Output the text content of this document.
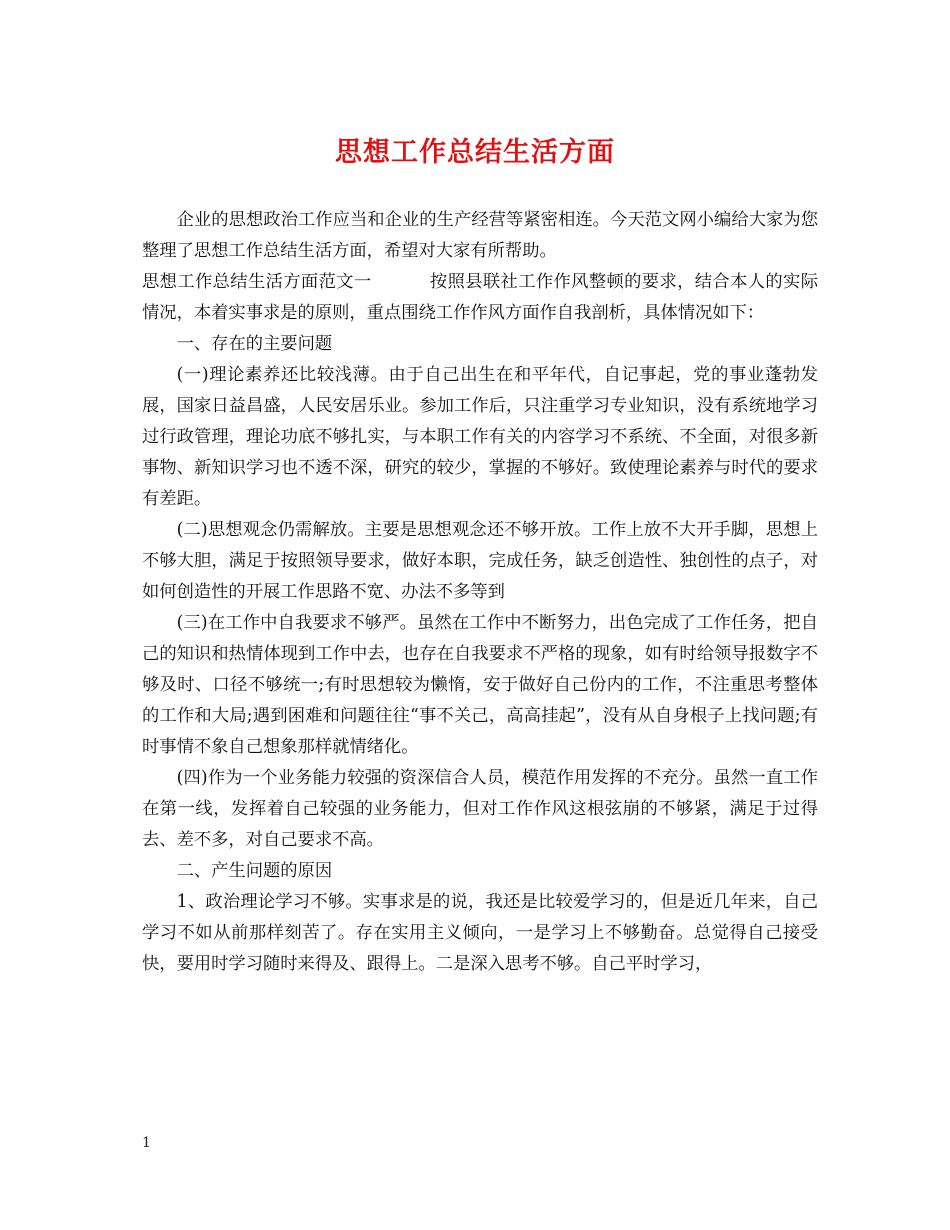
思想工作总结生活方面

企业的思想政治工作应当和企业的生产经营等紧密相连。今天范文网小编给大家为您整理了思想工作总结生活方面，希望对大家有所帮助。

思想工作总结生活方面范文一	按照县联社工作作风整顿的要求，结合本人的实际情况，本着实事求是的原则，重点围绕工作作风方面作自我剖析，具体情况如下：

一、存在的主要问题

(一)理论素养还比较浅薄。由于自己出生在和平年代，自记事起，党的事业蓬勃发展，国家日益昌盛，人民安居乐业。参加工作后，只注重学习专业知识，没有系统地学习过行政管理，理论功底不够扎实，与本职工作有关的内容学习不系统、不全面，对很多新事物、新知识学习也不透不深，研究的较少，掌握的不够好。致使理论素养与时代的要求有差距。

(二)思想观念仍需解放。主要是思想观念还不够开放。工作上放不大开手脚，思想上不够大胆，满足于按照领导要求，做好本职，完成任务，缺乏创造性、独创性的点子，对如何创造性的开展工作思路不宽、办法不多等到

(三)在工作中自我要求不够严。虽然在工作中不断努力，出色完成了工作任务，把自己的知识和热情体现到工作中去，也存在自我要求不严格的现象，如有时给领导报数字不够及时、口径不够统一;有时思想较为懒惰，安于做好自己份内的工作，不注重思考整体的工作和大局;遇到困难和问题往往“事不关己，高高挂起”，没有从自身根子上找问题;有时事情不象自己想象那样就情绪化。

(四)作为一个业务能力较强的资深信合人员，模范作用发挥的不充分。虽然一直工作在第一线，发挥着自己较强的业务能力，但对工作作风这根弦崩的不够紧，满足于过得去、差不多，对自己要求不高。

二、产生问题的原因

1、政治理论学习不够。实事求是的说，我还是比较爱学习的，但是近几年来，自己学习不如从前那样刻苦了。存在实用主义倾向，一是学习上不够勤奋。总觉得自己接受快，要用时学习随时来得及、跟得上。二是深入思考不够。自己平时学习，

1
